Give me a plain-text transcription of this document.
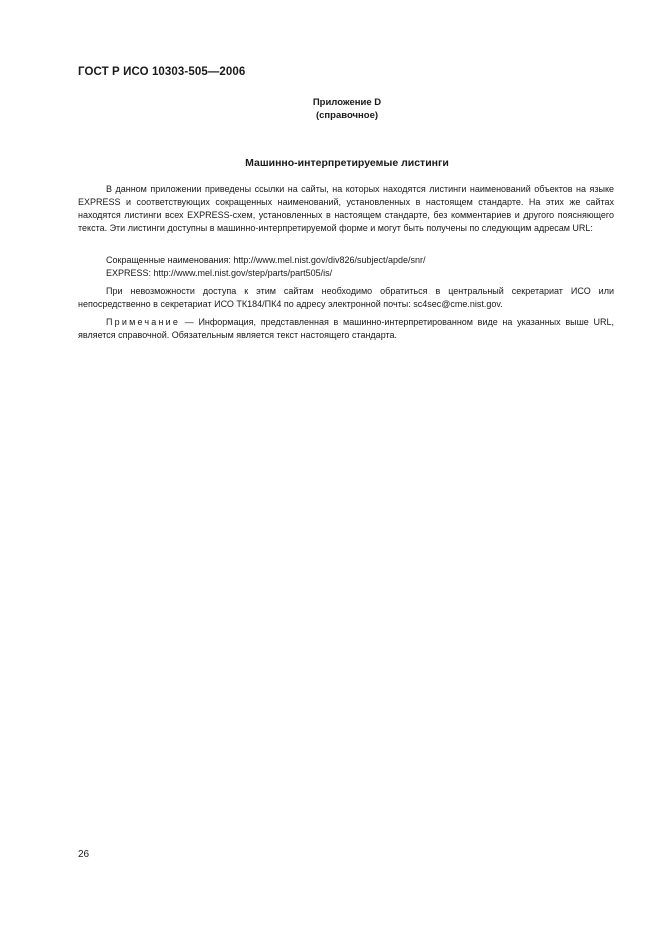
ГОСТ Р ИСО 10303-505—2006
Приложение D
(справочное)
Машинно-интерпретируемые листинги
В данном приложении приведены ссылки на сайты, на которых находятся листинги наименований объектов на языке EXPRESS и соответствующих сокращенных наименований, установленных в настоящем стандарте. На этих же сайтах находятся листинги всех EXPRESS-схем, установленных в настоящем стандарте, без комментариев и другого поясняющего текста. Эти листинги доступны в машинно-интерпретируемой форме и могут быть получены по следующим адресам URL:
Сокращенные наименования: http://www.mel.nist.gov/div826/subject/apde/snr/
EXPRESS: http://www.mel.nist.gov/step/parts/part505/is/
При невозможности доступа к этим сайтам необходимо обратиться в центральный секретариат ИСО или непосредственно в секретариат ИСО ТК184/ПК4 по адресу электронной почты: sc4sec@cme.nist.gov.
Примечание — Информация, представленная в машинно-интерпретированном виде на указанных выше URL, является справочной. Обязательным является текст настоящего стандарта.
26
